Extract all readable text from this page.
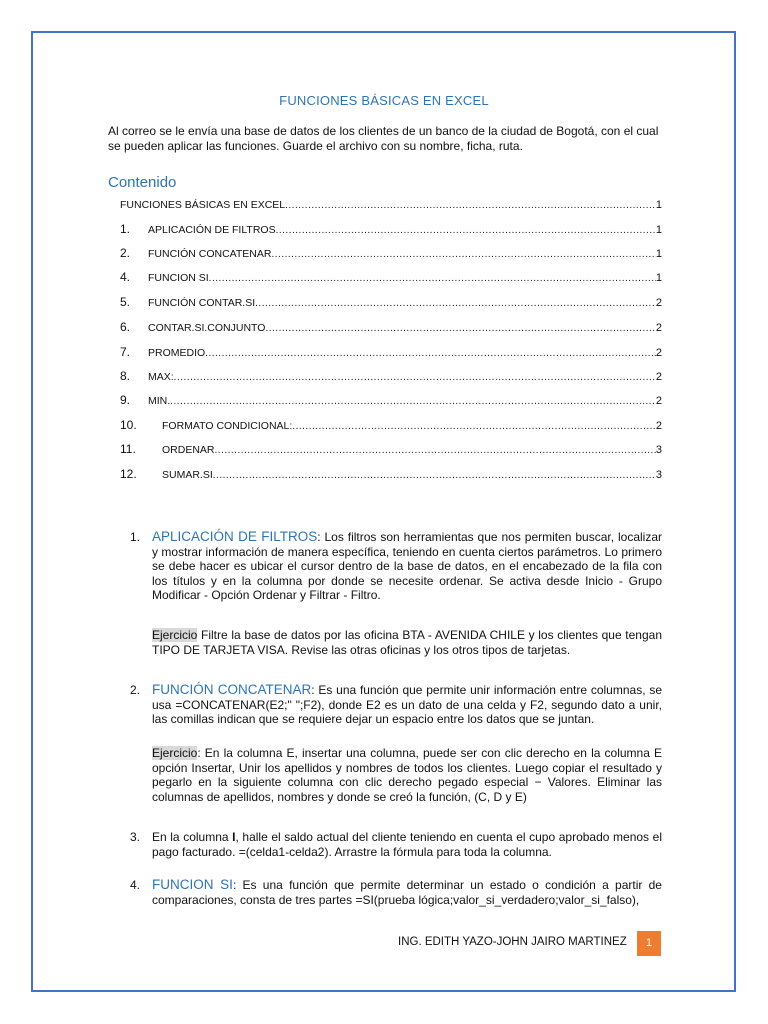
FUNCIONES BÁSICAS EN EXCEL
Al correo se le envía una base de datos de los clientes de un banco de la ciudad de Bogotá, con el cual se pueden aplicar las funciones. Guarde el archivo con su nombre, ficha, ruta.
Contenido
FUNCIONES BÁSICAS EN EXCEL .....	1
1.	APLICACIÓN DE FILTROS .....	1
2.	FUNCIÓN CONCATENAR .....	1
4.	FUNCION SI .....	1
5.	FUNCIÓN CONTAR.SI .....	2
6.	CONTAR.SI.CONJUNTO .....	2
7.	PROMEDIO .....	2
8.	MAX: .....	2
9.	MIN. .....	2
10.	FORMATO CONDICIONAL: .....	2
11.	ORDENAR .....	3
12.	SUMAR.SI .....	3
1. APLICACIÓN DE FILTROS: Los filtros son herramientas que nos permiten buscar, localizar y mostrar información de manera específica, teniendo en cuenta ciertos parámetros. Lo primero se debe hacer es ubicar el cursor dentro de la base de datos, en el encabezado de la fila con los títulos y en la columna por donde se necesite ordenar. Se activa desde Inicio - Grupo Modificar - Opción Ordenar y Filtrar - Filtro.
Ejercicio Filtre la base de datos por las oficina BTA - AVENIDA CHILE y los clientes que tengan TIPO DE TARJETA VISA. Revise las otras oficinas y los otros tipos de tarjetas.
2. FUNCIÓN CONCATENAR: Es una función que permite unir información entre columnas, se usa =CONCATENAR(E2;" ";F2), donde E2 es un dato de una celda y F2, segundo dato a unir, las comillas indican que se requiere dejar un espacio entre los datos que se juntan.
Ejercicio: En la columna E, insertar una columna, puede ser con clic derecho en la columna E opción Insertar, Unir los apellidos y nombres de todos los clientes. Luego copiar el resultado y pegarlo en la siguiente columna con clic derecho pegado especial − Valores. Eliminar las columnas de apellidos, nombres y donde se creó la función, (C, D y E)
3. En la columna I, halle el saldo actual del cliente teniendo en cuenta el cupo aprobado menos el pago facturado. =(celda1-celda2). Arrastre la fórmula para toda la columna.
4. FUNCION SI: Es una función que permite determinar un estado o condición a partir de comparaciones, consta de tres partes =SI(prueba lógica;valor_si_verdadero;valor_si_falso),
ING. EDITH YAZO-JOHN JAIRO MARTINEZ	1
